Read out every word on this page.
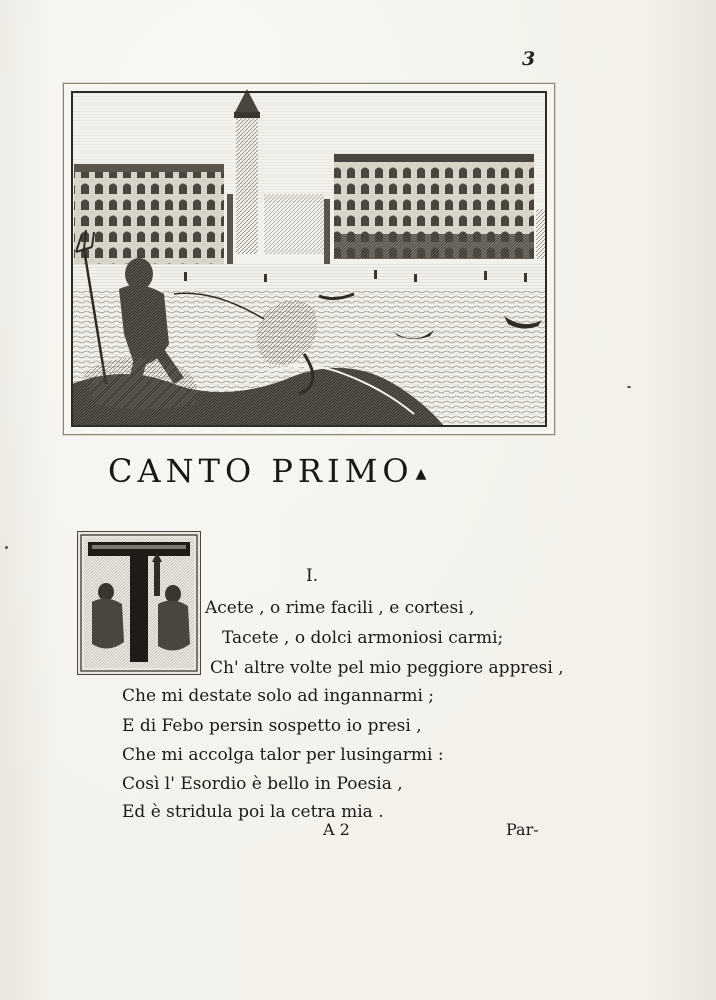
3
CANTO PRIMO ▲
I.
Acete , o rime facili , e cortesi ,
Tacete , o dolci armoniosi carmi;
Ch' altre volte pel mio peggiore appresi ,
Che mi destate solo ad ingannarmi ;
E di Febo persin sospetto io presi ,
Che mi accolga talor per lusingarmi :
Così l' Esordio è bello in Poesia ,
Ed è stridula poi la cetra mia .
A 2	Par-
